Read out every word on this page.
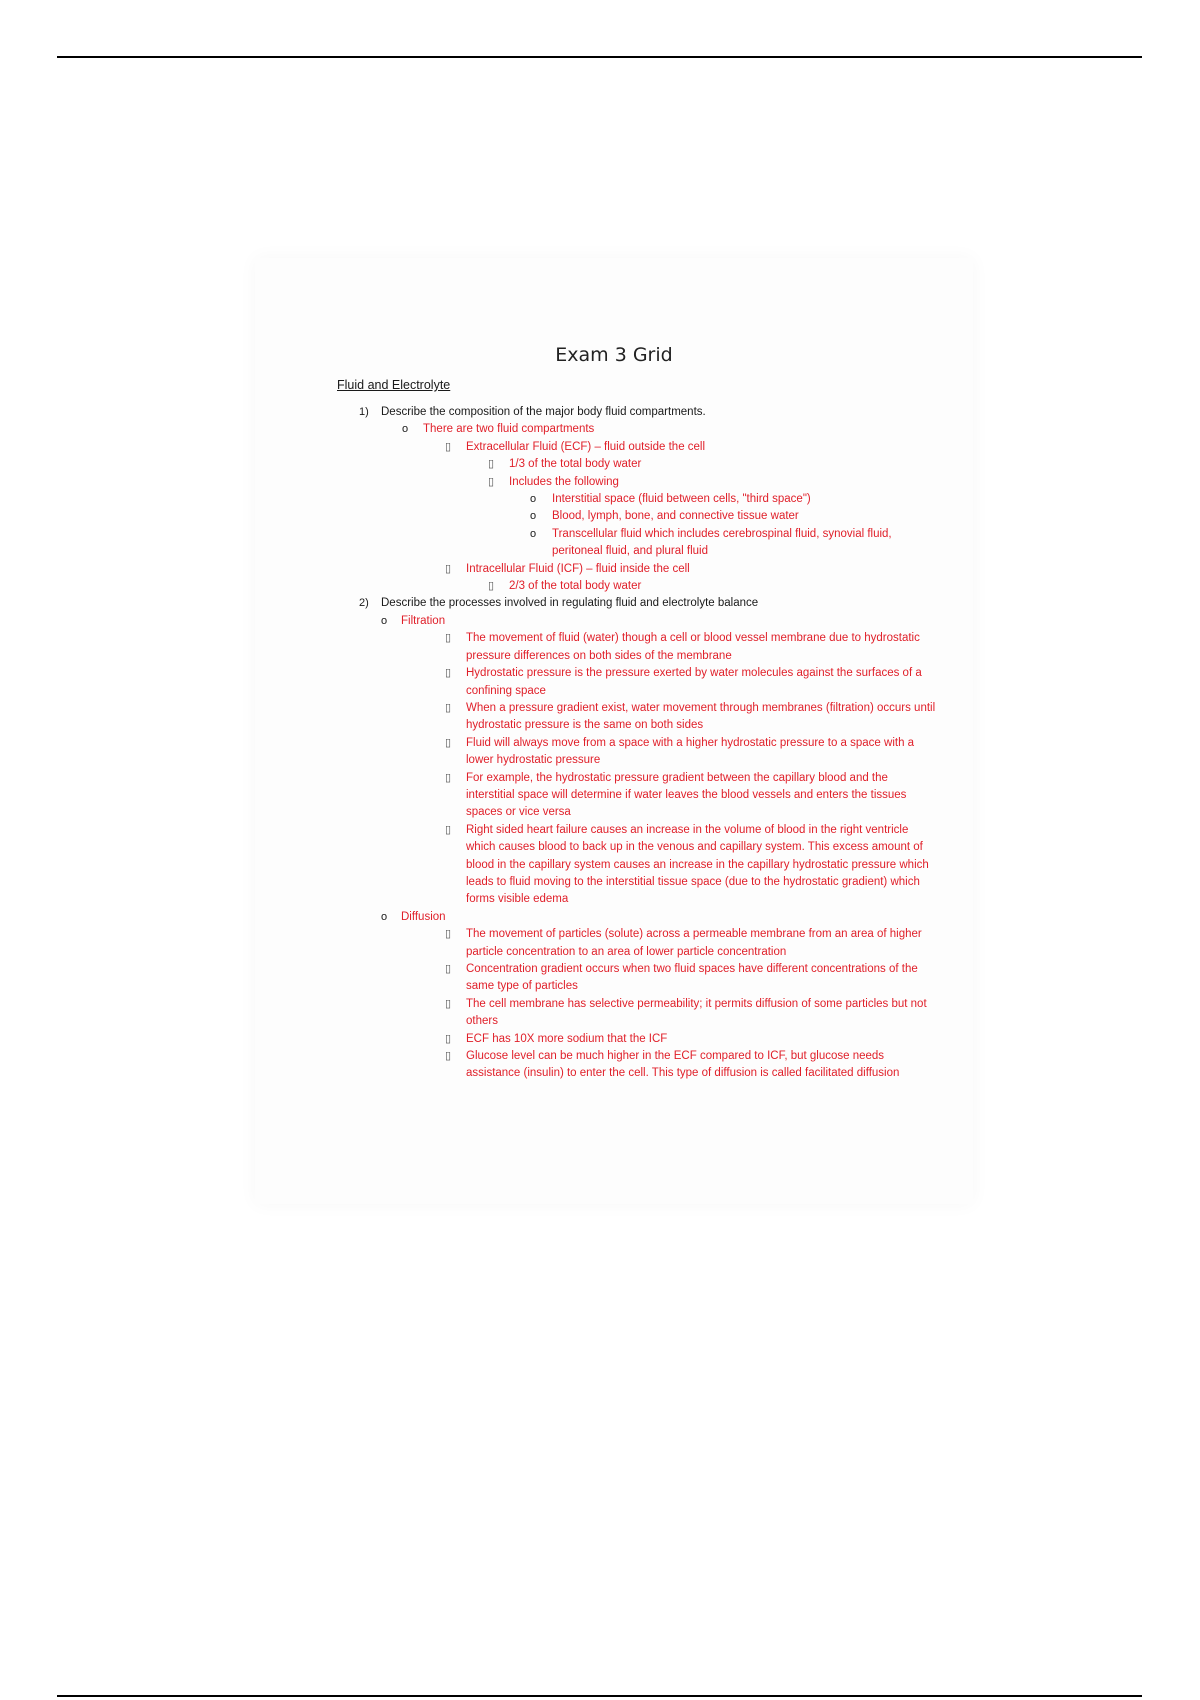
Exam 3 Grid
Fluid and Electrolyte
1) Describe the composition of the major body fluid compartments.
o There are two fluid compartments
▯ Extracellular Fluid (ECF) – fluid outside the cell
▯ 1/3 of the total body water
▯ Includes the following
o Interstitial space (fluid between cells, "third space")
o Blood, lymph, bone, and connective tissue water
o Transcellular fluid which includes cerebrospinal fluid, synovial fluid, peritoneal fluid, and plural fluid
▯ Intracellular Fluid (ICF) – fluid inside the cell
▯ 2/3 of the total body water
2) Describe the processes involved in regulating fluid and electrolyte balance
o Filtration
▯ The movement of fluid (water) though a cell or blood vessel membrane due to hydrostatic pressure differences on both sides of the membrane
▯ Hydrostatic pressure is the pressure exerted by water molecules against the surfaces of a confining space
▯ When a pressure gradient exist, water movement through membranes (filtration) occurs until hydrostatic pressure is the same on both sides
▯ Fluid will always move from a space with a higher hydrostatic pressure to a space with a lower hydrostatic pressure
▯ For example, the hydrostatic pressure gradient between the capillary blood and the interstitial space will determine if water leaves the blood vessels and enters the tissues spaces or vice versa
▯ Right sided heart failure causes an increase in the volume of blood in the right ventricle which causes blood to back up in the venous and capillary system. This excess amount of blood in the capillary system causes an increase in the capillary hydrostatic pressure which leads to fluid moving to the interstitial tissue space (due to the hydrostatic gradient) which forms visible edema
o Diffusion
▯ The movement of particles (solute) across a permeable membrane from an area of higher particle concentration to an area of lower particle concentration
▯ Concentration gradient occurs when two fluid spaces have different concentrations of the same type of particles
▯ The cell membrane has selective permeability; it permits diffusion of some particles but not others
▯ ECF has 10X more sodium that the ICF
▯ Glucose level can be much higher in the ECF compared to ICF, but glucose needs assistance (insulin) to enter the cell. This type of diffusion is called facilitated diffusion
